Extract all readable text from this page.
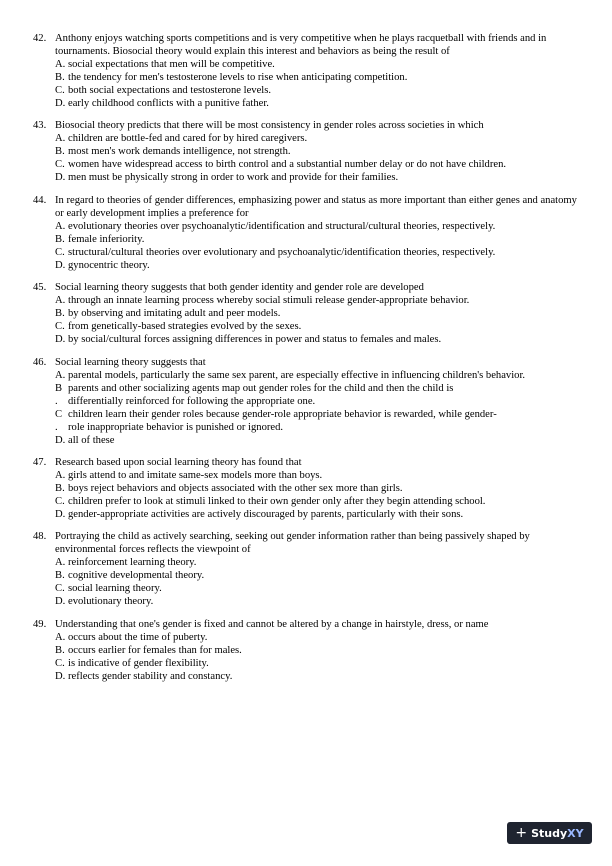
42. Anthony enjoys watching sports competitions and is very competitive when he plays racquetball with friends and in tournaments. Biosocial theory would explain this interest and behaviors as being the result of

A. social expectations that men will be competitive.
B. the tendency for men's testosterone levels to rise when anticipating competition.
C. both social expectations and testosterone levels.
D. early childhood conflicts with a punitive father.
43. Biosocial theory predicts that there will be most consistency in gender roles across societies in which

A. children are bottle-fed and cared for by hired caregivers.
B. most men's work demands intelligence, not strength.
C. women have widespread access to birth control and a substantial number delay or do not have children.
D. men must be physically strong in order to work and provide for their families.
44. In regard to theories of gender differences, emphasizing power and status as more important than either genes and anatomy or early development implies a preference for

A. evolutionary theories over psychoanalytic/identification and structural/cultural theories, respectively.
B. female inferiority.
C. structural/cultural theories over evolutionary and psychoanalytic/identification theories, respectively.
D. gynocentric theory.
45. Social learning theory suggests that both gender identity and gender role are developed

A. through an innate learning process whereby social stimuli release gender-appropriate behavior.
B. by observing and imitating adult and peer models.
C. from genetically-based strategies evolved by the sexes.
D. by social/cultural forces assigning differences in power and status to females and males.
46. Social learning theory suggests that

A. parental models, particularly the same sex parent, are especially effective in influencing children's behavior.
B parents and other socializing agents map out gender roles for the child and then the child is
. differentially reinforced for following the appropriate one.
C children learn their gender roles because gender-role appropriate behavior is rewarded, while gender-
. role inappropriate behavior is punished or ignored.
D. all of these
47. Research based upon social learning theory has found that

A. girls attend to and imitate same-sex models more than boys.
B. boys reject behaviors and objects associated with the other sex more than girls.
C. children prefer to look at stimuli linked to their own gender only after they begin attending school.
D. gender-appropriate activities are actively discouraged by parents, particularly with their sons.
48. Portraying the child as actively searching, seeking out gender information rather than being passively shaped by environmental forces reflects the viewpoint of

A. reinforcement learning theory.
B. cognitive developmental theory.
C. social learning theory.
D. evolutionary theory.
49. Understanding that one's gender is fixed and cannot be altered by a change in hairstyle, dress, or name

A. occurs about the time of puberty.
B. occurs earlier for females than for males.
C. is indicative of gender flexibility.
D. reflects gender stability and constancy.
+ Study XY
